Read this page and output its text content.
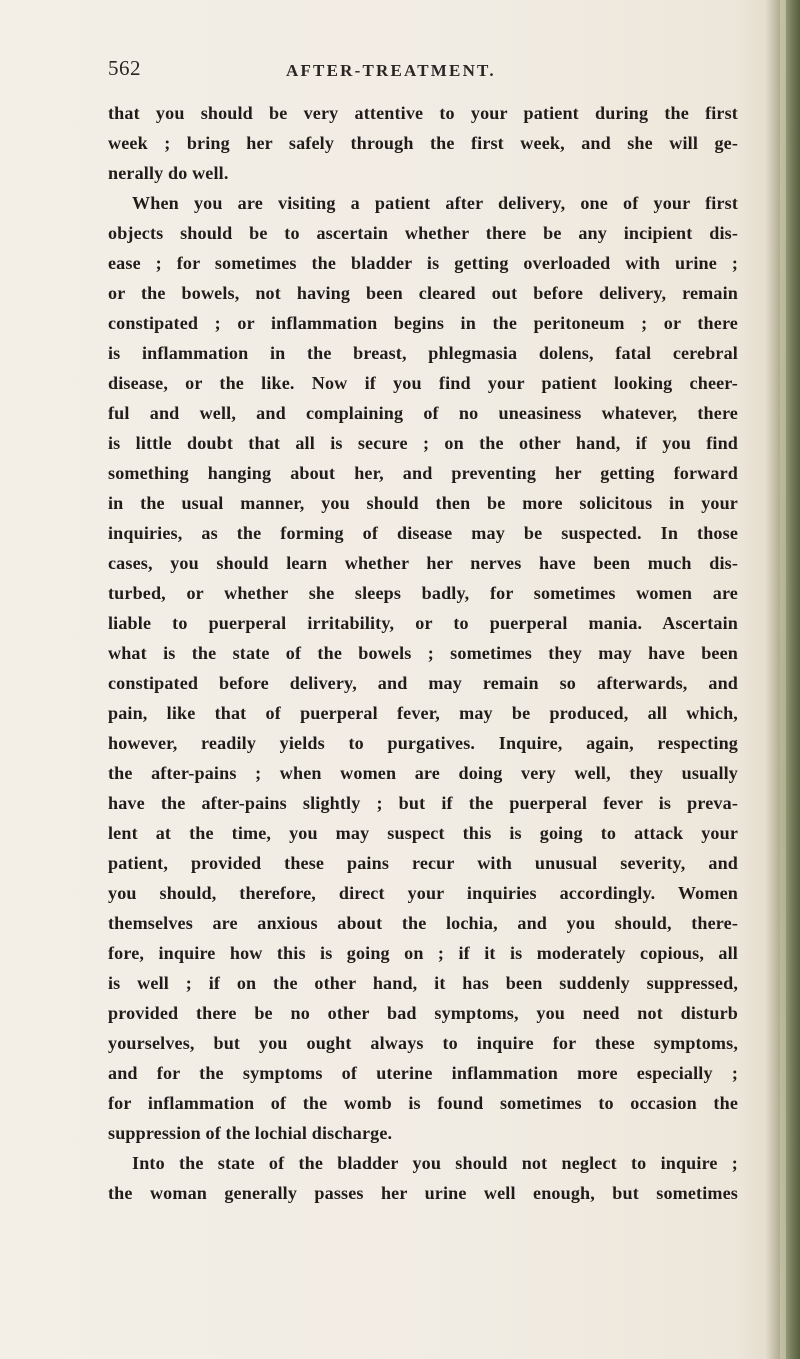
562	AFTER-TREATMENT.

that you should be very attentive to your patient during the first

week ; bring her safely through the first week, and she will ge-

nerally do well.

When you are visiting a patient after delivery, one of your first

objects should be to ascertain whether there be any incipient dis-

ease ; for sometimes the bladder is getting overloaded with urine ;

or the bowels, not having been cleared out before delivery, remain

constipated ; or inflammation begins in the peritoneum ; or there

is inflammation in the breast, phlegmasia dolens, fatal cerebral

disease, or the like. Now if you find your patient looking cheer-

ful and well, and complaining of no uneasiness whatever, there

is little doubt that all is secure ; on the other hand, if you find

something hanging about her, and preventing her getting forward

in the usual manner, you should then be more solicitous in your

inquiries, as the forming of disease may be suspected. In those

cases, you should learn whether her nerves have been much dis-

turbed, or whether she sleeps badly, for sometimes women are

liable to puerperal irritability, or to puerperal mania. Ascertain

what is the state of the bowels ; sometimes they may have been

constipated before delivery, and may remain so afterwards, and

pain, like that of puerperal fever, may be produced, all which,

however, readily yields to purgatives. Inquire, again, respecting

the after-pains ; when women are doing very well, they usually

have the after-pains slightly ; but if the puerperal fever is preva-

lent at the time, you may suspect this is going to attack your

patient, provided these pains recur with unusual severity, and

you should, therefore, direct your inquiries accordingly. Women

themselves are anxious about the lochia, and you should, there-

fore, inquire how this is going on ; if it is moderately copious, all

is well ; if on the other hand, it has been suddenly suppressed,

provided there be no other bad symptoms, you need not disturb

yourselves, but you ought always to inquire for these symptoms,

and for the symptoms of uterine inflammation more especially ;

for inflammation of the womb is found sometimes to occasion the

suppression of the lochial discharge.

Into the state of the bladder you should not neglect to inquire ;

the woman generally passes her urine well enough, but sometimes
